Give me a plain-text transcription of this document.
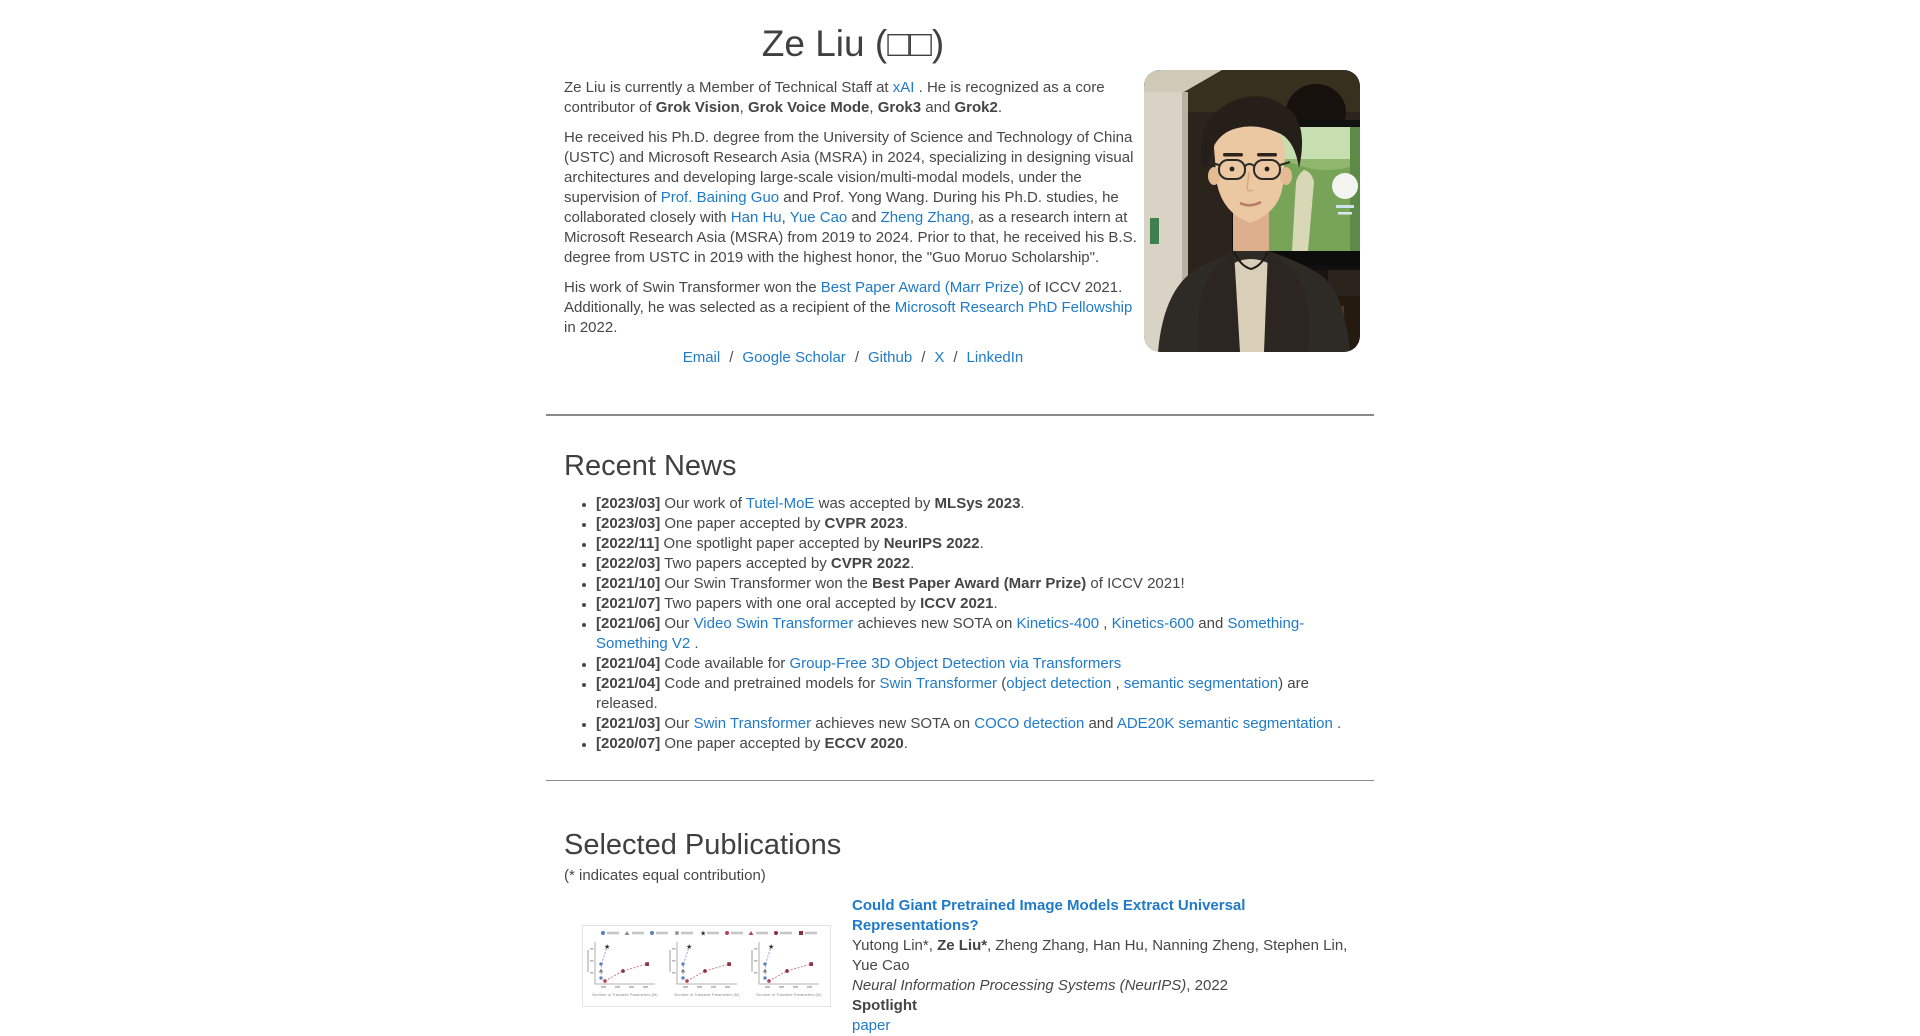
Ze Liu (□□)

Ze Liu is currently a Member of Technical Staff at xAI . He is recognized as a core contributor of Grok Vision, Grok Voice Mode, Grok3 and Grok2.

He received his Ph.D. degree from the University of Science and Technology of China (USTC) and Microsoft Research Asia (MSRA) in 2024, specializing in designing visual architectures and developing large-scale vision/multi-modal models, under the supervision of Prof. Baining Guo and Prof. Yong Wang. During his Ph.D. studies, he collaborated closely with Han Hu, Yue Cao and Zheng Zhang, as a research intern at Microsoft Research Asia (MSRA) from 2019 to 2024. Prior to that, he received his B.S. degree from USTC in 2019 with the highest honor, the "Guo Moruo Scholarship".

His work of Swin Transformer won the Best Paper Award (Marr Prize) of ICCV 2021. Additionally, he was selected as a recipient of the Microsoft Research PhD Fellowship in 2022.

Email / Google Scholar / Github / X / LinkedIn
Recent News
• [2023/03] Our work of Tutel-MoE was accepted by MLSys 2023.
• [2023/03] One paper accepted by CVPR 2023.
• [2022/11] One spotlight paper accepted by NeurIPS 2022.
• [2022/03] Two papers accepted by CVPR 2022.
• [2021/10] Our Swin Transformer won the Best Paper Award (Marr Prize) of ICCV 2021!
• [2021/07] Two papers with one oral accepted by ICCV 2021.
• [2021/06] Our Video Swin Transformer achieves new SOTA on Kinetics-400 , Kinetics-600 and Something-Something V2 .
• [2021/04] Code available for Group-Free 3D Object Detection via Transformers
• [2021/04] Code and pretrained models for Swin Transformer (object detection , semantic segmentation) are released.
• [2021/03] Our Swin Transformer achieves new SOTA on COCO detection and ADE20K semantic segmentation .
• [2020/07] One paper accepted by ECCV 2020.
Selected Publications

(* indicates equal contribution)

★
Could Giant Pretrained Image Models Extract Universal Representations?
Yutong Lin*, Ze Liu*, Zheng Zhang, Han Hu, Nanning Zheng, Stephen Lin, Yue Cao
Neural Information Processing Systems (NeurIPS), 2022
Spotlight
paper
